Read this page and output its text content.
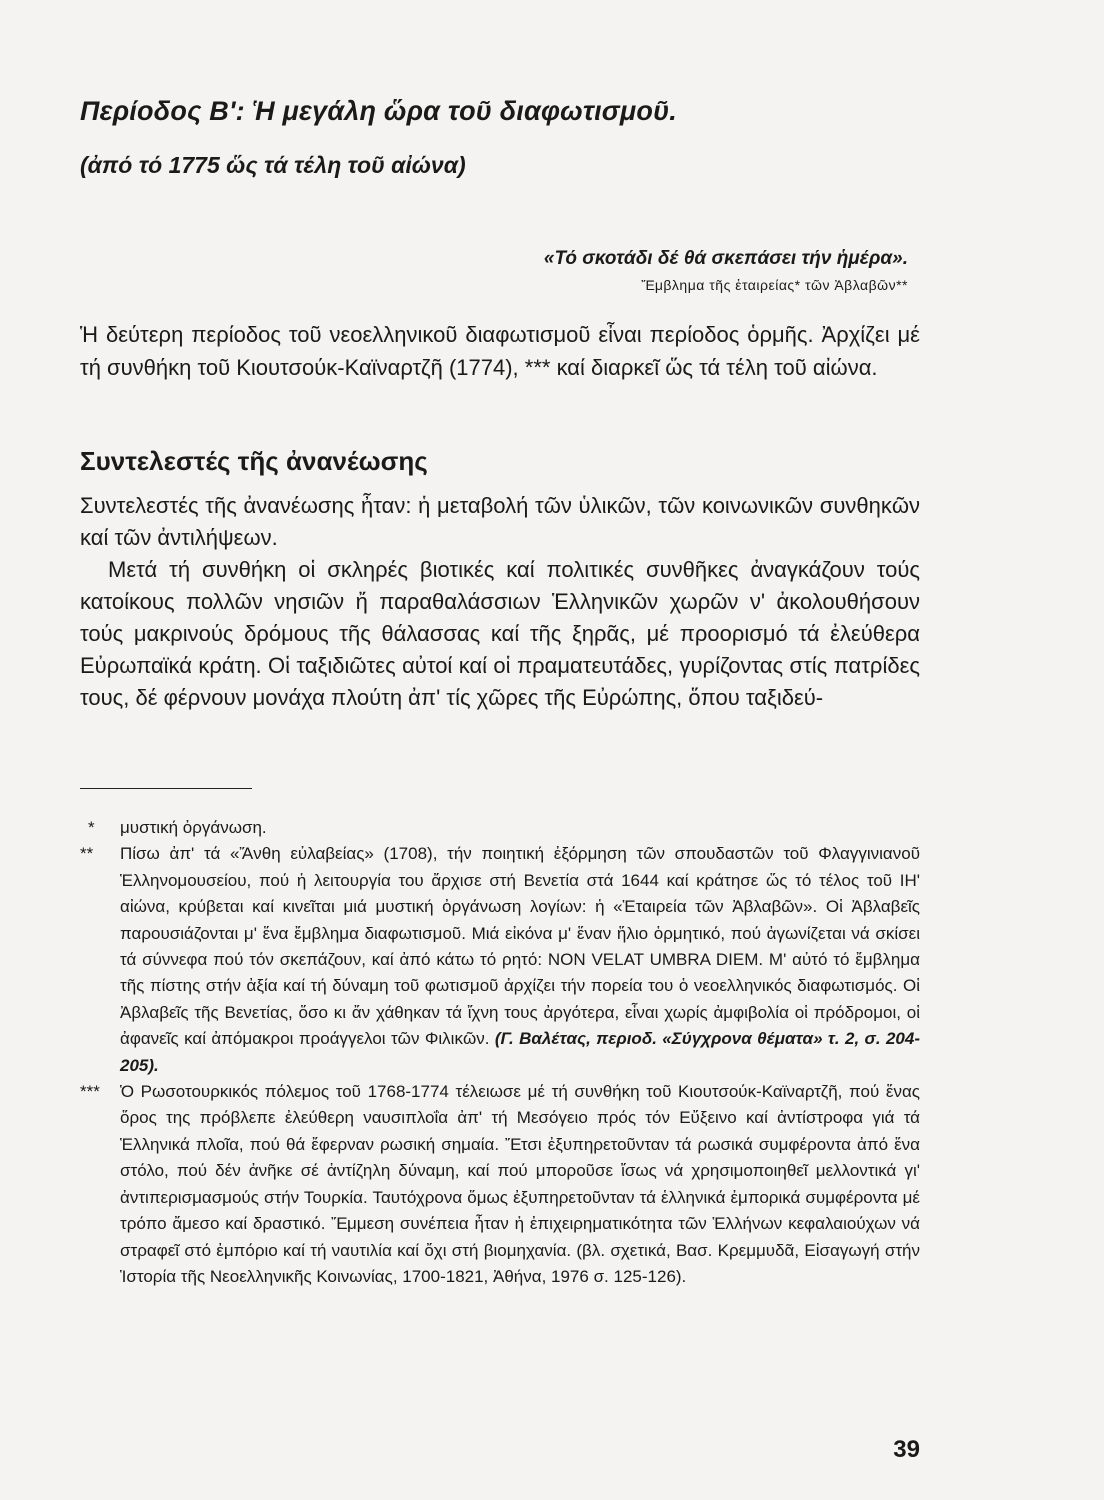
Περίοδος Β': Ἡ μεγάλη ὥρα τοῦ διαφωτισμοῦ.
(ἀπό τό 1775 ὥς τά τέλη τοῦ αἰώνα)
«Τό σκοτάδι δέ θά σκεπάσει τήν ἡμέρα».
Ἔμβλημα τῆς ἑταιρείας* τῶν Ἀβλαβῶν**

Ἡ δεύτερη περίοδος τοῦ νεοελληνικοῦ διαφωτισμοῦ εἶναι περίοδος ὁρμῆς. Ἀρχίζει μέ τή συνθήκη τοῦ Κιουτσούκ-Καϊναρτζῆ (1774), *** καί διαρκεῖ ὥς τά τέλη τοῦ αἰώνα.

Συντελεστές τῆς ἀνανέωσης

Συντελεστές τῆς ἀνανέωσης ἦταν: ἡ μεταβολή τῶν ὑλικῶν, τῶν κοινωνικῶν συνθηκῶν καί τῶν ἀντιλήψεων.

Μετά τή συνθήκη οἱ σκληρές βιοτικές καί πολιτικές συνθῆκες ἀναγκάζουν τούς κατοίκους πολλῶν νησιῶν ἤ παραθαλάσσιων Ἑλληνικῶν χωρῶν ν' ἀκολουθήσουν τούς μακρινούς δρόμους τῆς θάλασσας καί τῆς ξηρᾶς, μέ προορισμό τά ἐλεύθερα Εὐρωπαϊκά κράτη. Οἱ ταξιδιῶτες αὐτοί καί οἱ πραματευτάδες, γυρίζοντας στίς πατρίδες τους, δέ φέρνουν μονάχα πλούτη ἀπ' τίς χῶρες τῆς Εὐρώπης, ὅπου ταξιδεύ-

*	μυστική ὀργάνωση.

**	Πίσω ἀπ' τά «Ἄνθη εὐλαβείας» (1708), τήν ποιητική ἐξόρμηση τῶν σπουδαστῶν τοῦ Φλαγγινιανοῦ Ἑλληνομουσείου, πού ἡ λειτουργία του ἄρχισε στή Βενετία στά 1644 καί κράτησε ὥς τό τέλος τοῦ ΙΗ' αἰώνα, κρύβεται καί κινεῖται μιά μυστική ὀργάνωση λογίων: ἡ «Ἑταιρεία τῶν Ἀβλαβῶν». Οἱ Ἀβλαβεῖς παρουσιάζονται μ' ἕνα ἔμβλημα διαφωτισμοῦ. Μιά εἰκόνα μ' ἕναν ἥλιο ὁρμητικό, πού ἀγωνίζεται νά σκίσει τά σύννεφα πού τόν σκεπάζουν, καί ἀπό κάτω τό ρητό: NON VELAT UMBRA DIEM. Μ' αὐτό τό ἔμβλημα τῆς πίστης στήν ἀξία καί τή δύναμη τοῦ φωτισμοῦ ἀρχίζει τήν πορεία του ὁ νεοελληνικός διαφωτισμός. Οἱ Ἀβλαβεῖς τῆς Βενετίας, ὅσο κι ἄν χάθηκαν τά ἴχνη τους ἀργότερα, εἶναι χωρίς ἀμφιβολία οἱ πρόδρομοι, οἱ ἀφανεῖς καί ἀπόμακροι προάγγελοι τῶν Φιλικῶν. (Γ. Βαλέτας, περιοδ. «Σύγχρονα θέματα» τ. 2, σ. 204-205).

***	Ὁ Ρωσοτουρκικός πόλεμος τοῦ 1768-1774 τέλειωσε μέ τή συνθήκη τοῦ Κιουτσούκ-Καϊναρτζῆ, πού ἕνας ὅρος της πρόβλεπε ἐλεύθερη ναυσιπλοΐα ἀπ' τή Μεσόγειο πρός τόν Εὔξεινο καί ἀντίστροφα γιά τά Ἑλληνικά πλοῖα, πού θά ἔφερναν ρωσική σημαία. Ἔτσι ἐξυπηρετοῦνταν τά ρωσικά συμφέροντα ἀπό ἕνα στόλο, πού δέν ἀνῆκε σέ ἀντίζηλη δύναμη, καί πού μποροῦσε ἴσως νά χρησιμοποιηθεῖ μελλοντικά γι' ἀντιπερισμασμούς στήν Τουρκία. Ταυτόχρονα ὅμως ἐξυπηρετοῦνταν τά ἑλληνικά ἐμπορικά συμφέροντα μέ τρόπο ἄμεσο καί δραστικό. Ἔμμεση συνέπεια ἦταν ἡ ἐπιχειρηματικότητα τῶν Ἑλλήνων κεφαλαιούχων νά στραφεῖ στό ἐμπόριο καί τή ναυτιλία καί ὄχι στή βιομηχανία. (βλ. σχετικά, Βασ. Κρεμμυδᾶ, Εἰσαγωγή στήν Ἱστορία τῆς Νεοελληνικῆς Κοινωνίας, 1700-1821, Ἀθήνα, 1976 σ. 125-126).

39
